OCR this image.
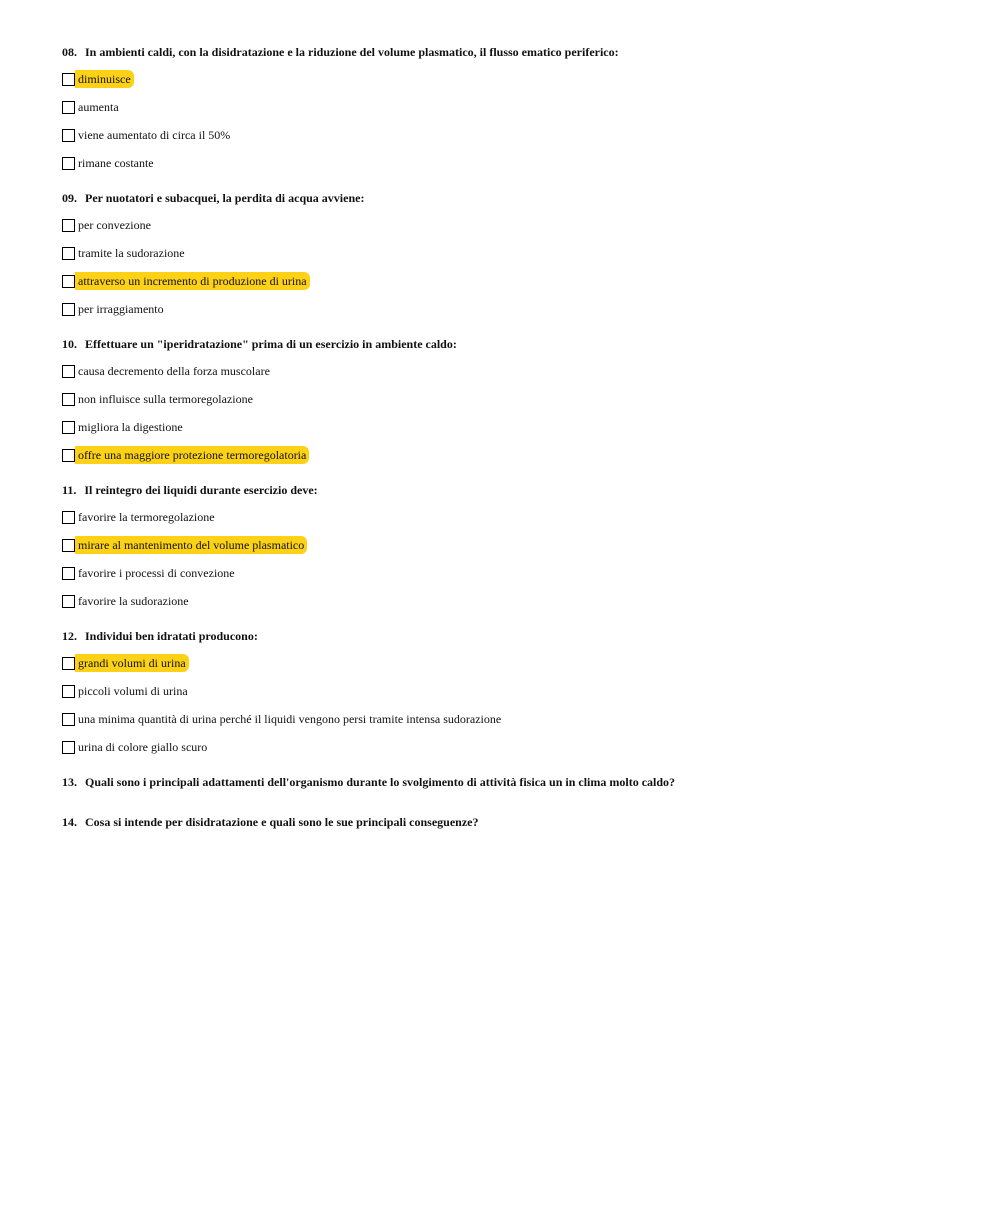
08. In ambienti caldi, con la disidratazione e la riduzione del volume plasmatico, il flusso ematico periferico:
diminuisce
aumenta
viene aumentato di circa il 50%
rimane costante
09. Per nuotatori e subacquei, la perdita di acqua avviene:
per convezione
tramite la sudorazione
attraverso un incremento di produzione di urina
per irraggiamento
10. Effettuare un "iperidratazione" prima di un esercizio in ambiente caldo:
causa decremento della forza muscolare
non influisce sulla termoregolazione
migliora la digestione
offre una maggiore protezione termoregolatoria
11. Il reintegro dei liquidi durante esercizio deve:
favorire la termoregolazione
mirare al mantenimento del volume plasmatico
favorire i processi di convezione
favorire la sudorazione
12. Individui ben idratati producono:
grandi volumi di urina
piccoli volumi di urina
una minima quantità di urina perché il liquidi vengono persi tramite intensa sudorazione
urina di colore giallo scuro
13. Quali sono i principali adattamenti dell'organismo durante lo svolgimento di attività fisica un in clima molto caldo?
14. Cosa si intende per disidratazione e quali sono le sue principali conseguenze?
